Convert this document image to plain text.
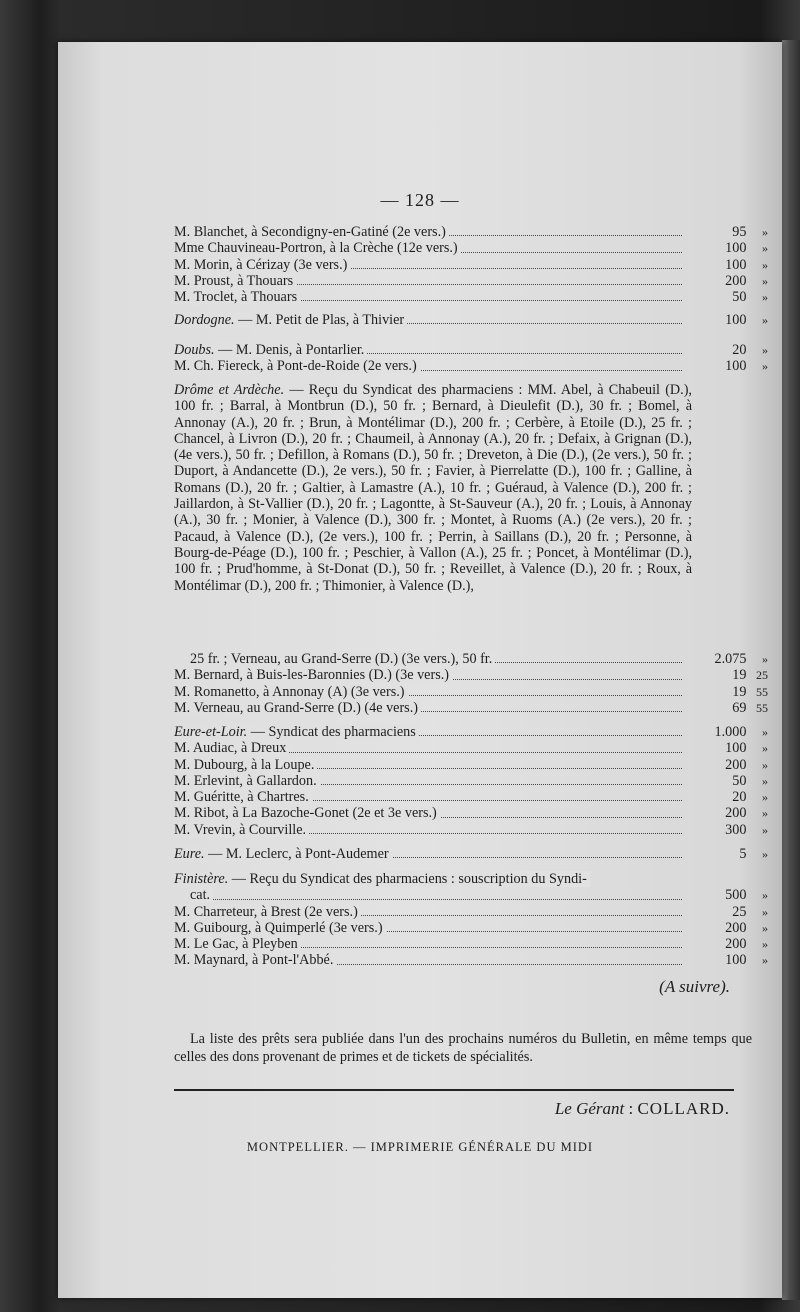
— 128 —
M. Blanchet, à Secondigny-en-Gatiné (2e vers.)	95 »
Mme Chauvineau-Portron, à la Crèche (12e vers.)	100 »
M. Morin, à Cérizay (3e vers.)	100 »
M. Proust, à Thouars	200 »
M. Troclet, à Thouars	50 »
Dordogne. — M. Petit de Plas, à Thivier	100 »
Doubs. — M. Denis, à Pontarlier.	20 »
M. Ch. Fiereck, à Pont-de-Roide (2e vers.)	100 »
Drôme et Ardèche. — Reçu du Syndicat des pharmaciens : MM. Abel, à Chabeuil (D.), 100 fr. ; Barral, à Montbrun (D.), 50 fr. ; Bernard, à Dieulefit (D.), 30 fr. ; Bomel, à Annonay (A.), 20 fr. ; Brun, à Montélimar (D.), 200 fr. ; Cerbère, à Etoile (D.), 25 fr. ; Chancel, à Livron (D.), 20 fr. ; Chaumeil, à Annonay (A.), 20 fr. ; Defaix, à Grignan (D.), (4e vers.), 50 fr. ; Defillon, à Romans (D.), 50 fr. ; Dreveton, à Die (D.), (2e vers.), 50 fr. ; Duport, à Andancette (D.), 2e vers.), 50 fr. ; Favier, à Pierrelatte (D.), 100 fr. ; Galline, à Romans (D.), 20 fr. ; Galtier, à Lamastre (A.), 10 fr. ; Guéraud, à Valence (D.), 200 fr. ; Jaillardon, à St-Vallier (D.), 20 fr. ; Lagontte, à St-Sauveur (A.), 20 fr. ; Louis, à Annonay (A.), 30 fr. ; Monier, à Valence (D.), 300 fr. ; Montet, à Ruoms (A.) (2e vers.), 20 fr. ; Pacaud, à Valence (D.), (2e vers.), 100 fr. ; Perrin, à Saillans (D.), 20 fr. ; Personne, à Bourg-de-Péage (D.), 100 fr. ; Peschier, à Vallon (A.), 25 fr. ; Poncet, à Montélimar (D.), 100 fr. ; Prud'homme, à St-Donat (D.), 50 fr. ; Reveillet, à Valence (D.), 20 fr. ; Roux, à Montélimar (D.), 200 fr. ; Thimonier, à Valence (D.),
25 fr. ; Verneau, au Grand-Serre (D.) (3e vers.), 50 fr.	2.075 »
M. Bernard, à Buis-les-Baronnies (D.) (3e vers.)	19 25
M. Romanetto, à Annonay (A) (3e vers.)	19 55
M. Verneau, au Grand-Serre (D.) (4e vers.)	69 55
Eure-et-Loir. — Syndicat des pharmaciens	1.000 »
M. Audiac, à Dreux	100 »
M. Dubourg, à la Loupe.	200 »
M. Erlevint, à Gallardon.	50 »
M. Guéritte, à Chartres.	20 »
M. Ribot, à La Bazoche-Gonet (2e et 3e vers.)	200 »
M. Vrevin, à Courville.	300 »
Eure. — M. Leclerc, à Pont-Audemer	5 »
Finistère. — Reçu du Syndicat des pharmaciens : souscription du Syndi-
cat.	500 »
M. Charreteur, à Brest (2e vers.)	25 »
M. Guibourg, à Quimperlé (3e vers.)	200 »
M. Le Gac, à Pleyben	200 »
M. Maynard, à Pont-l'Abbé.	100 »
(A suivre).
La liste des prêts sera publiée dans l'un des prochains numéros du Bulletin, en même temps que celles des dons provenant de primes et de tickets de spécialités.
Le Gérant : COLLARD.
MONTPELLIER. — IMPRIMERIE GÉNÉRALE DU MIDI
